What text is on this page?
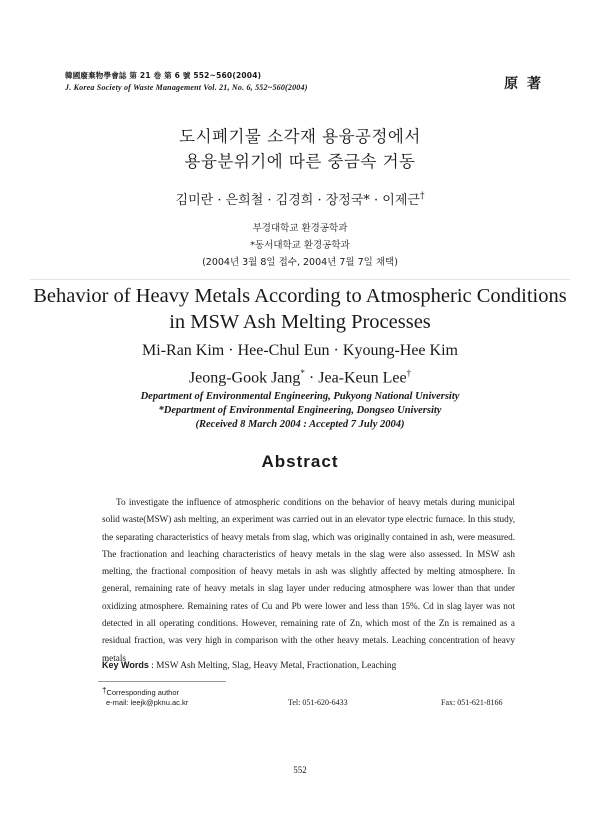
韓國廢棄物學會誌 第 21 卷 第 6 號 552~560(2004)
J. Korea Society of Waste Management Vol. 21, No. 6, 552~560(2004)	原 著
도시폐기물 소각재 용융공정에서
용융분위기에 따른 중금속 거동
김미란 · 은희철 · 김경희 · 장정국* · 이제근†
부경대학교 환경공학과
*동서대학교 환경공학과
(2004년 3월 8일 접수, 2004년 7월 7일 채택)
Behavior of Heavy Metals According to Atmospheric Conditions
in MSW Ash Melting Processes
Mi-Ran Kim · Hee-Chul Eun · Kyoung-Hee Kim
Jeong-Gook Jang* · Jea-Keun Lee†
Department of Environmental Engineering, Pukyong National University
*Department of Environmental Engineering, Dongseo University
(Received 8 March 2004 : Accepted 7 July 2004)
Abstract

To investigate the influence of atmospheric conditions on the behavior of heavy metals during municipal solid waste(MSW) ash melting, an experiment was carried out in an elevator type electric furnace. In this study, the separating characteristics of heavy metals from slag, which was originally contained in ash, were measured. The fractionation and leaching characteristics of heavy metals in the slag were also assessed. In MSW ash melting, the fractional composition of heavy metals in ash was slightly affected by melting atmosphere. In general, remaining rate of heavy metals in slag layer under reducing atmosphere was lower than that under oxidizing atmosphere. Remaining rates of Cu and Pb were lower and less than 15%. Cd in slag layer was not detected in all operating conditions. However, remaining rate of Zn, which most of the Zn is remained as a residual fraction, was very high in comparison with the other heavy metals. Leaching concentration of heavy metals

Key Words : MSW Ash Melting, Slag, Heavy Metal, Fractionation, Leaching
†Corresponding author
e-mail: leejk@pknu.ac.kr	Tel: 051-620-6433	Fax: 051-621-8166
552
